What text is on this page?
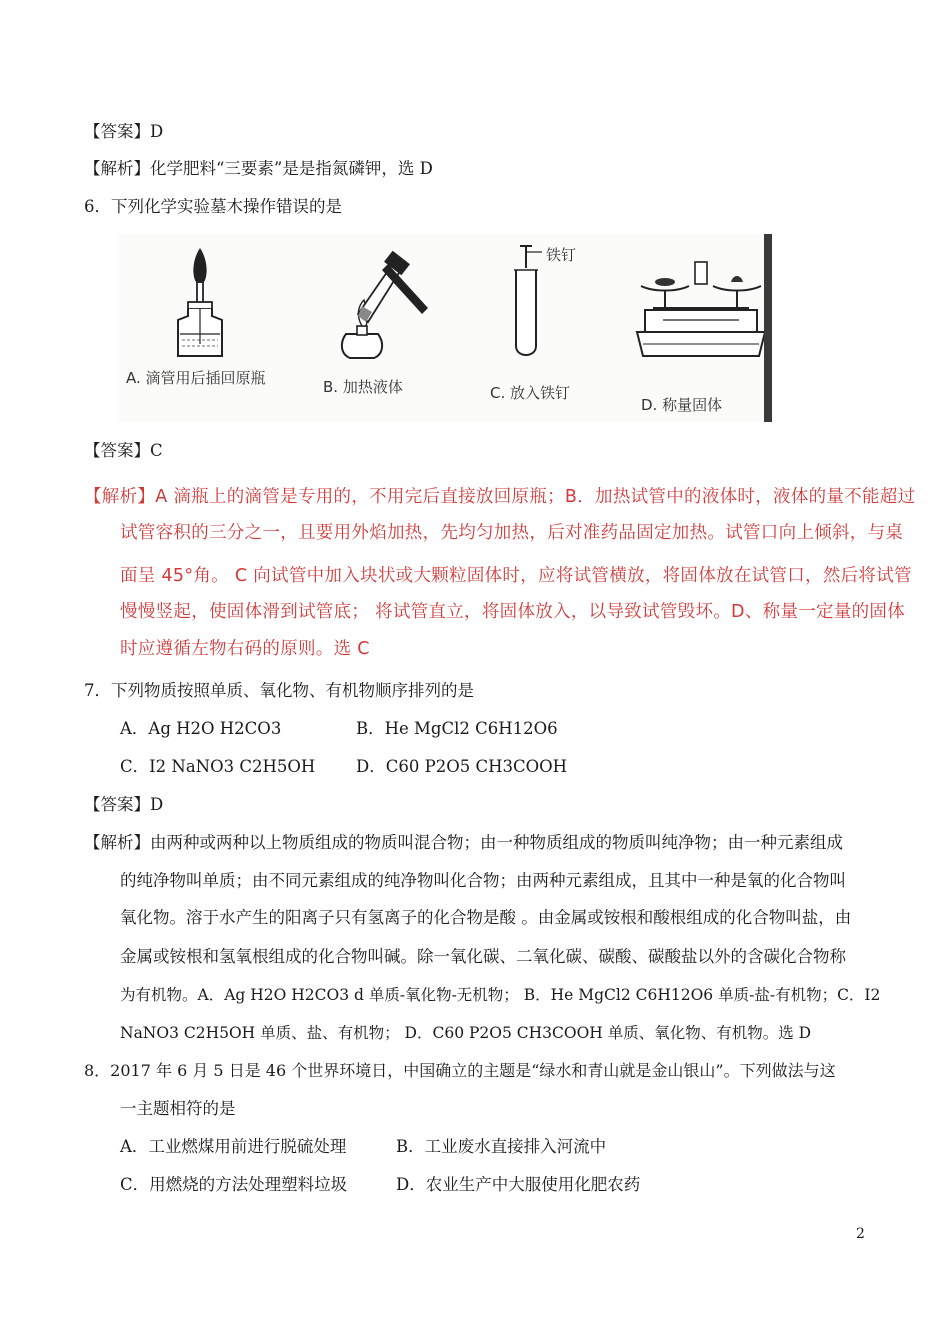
【答案】D
【解析】化学肥料“三要素”是是指氮磷钾，选 D
6．下列化学实验墓木操作错误的是
A. 滴管用后插回原瓶	B. 加热液体
铁钉
C. 放入铁钉
D. 称量固体
【答案】C
【解析】A 滴瓶上的滴管是专用的，不用完后直接放回原瓶；B．加热试管中的液体时，液体的量不能超过
试管容积的三分之一，且要用外焰加热，先均匀加热，后对准药品固定加热。试管口向上倾斜，与桌
面呈 45°角。 C 向试管中加入块状或大颗粒固体时，应将试管横放，将固体放在试管口，然后将试管
慢慢竖起，使固体滑到试管底； 将试管直立，将固体放入，以导致试管毁坏。D、称量一定量的固体
时应遵循左物右码的原则。选 C
7．下列物质按照单质、氧化物、有机物顺序排列的是
A．Ag H2O H2CO3	B．He MgCl2 C6H12O6
C．I2 NaNO3 C2H5OH D．C60 P2O5 CH3COOH
【答案】D
【解析】由两种或两种以上物质组成的物质叫混合物；由一种物质组成的物质叫纯净物；由一种元素组成
的纯净物叫单质；由不同元素组成的纯净物叫化合物；由两种元素组成，且其中一种是氧的化合物叫
氧化物。溶于水产生的阳离子只有氢离子的化合物是酸 。由金属或铵根和酸根组成的化合物叫盐，由
金属或铵根和氢氧根组成的化合物叫碱。除一氧化碳、二氧化碳、碳酸、碳酸盐以外的含碳化合物称
为有机物。A．Ag H2O H2CO3 d 单质-氧化物-无机物； B．He MgCl2 C6H12O6 单质-盐-有机物；C．I2
NaNO3 C2H5OH 单质、盐、有机物； D．C60 P2O5 CH3COOH 单质、氧化物、有机物。选 D
8．2017 年 6 月 5 日是 46 个世界环境日，中国确立的主题是“绿水和青山就是金山银山”。下列做法与这
一主题相符的是
A．工业燃煤用前进行脱硫处理	B．工业废水直接排入河流中
C．用燃烧的方法处理塑料垃圾	D．农业生产中大服使用化肥农药
2
